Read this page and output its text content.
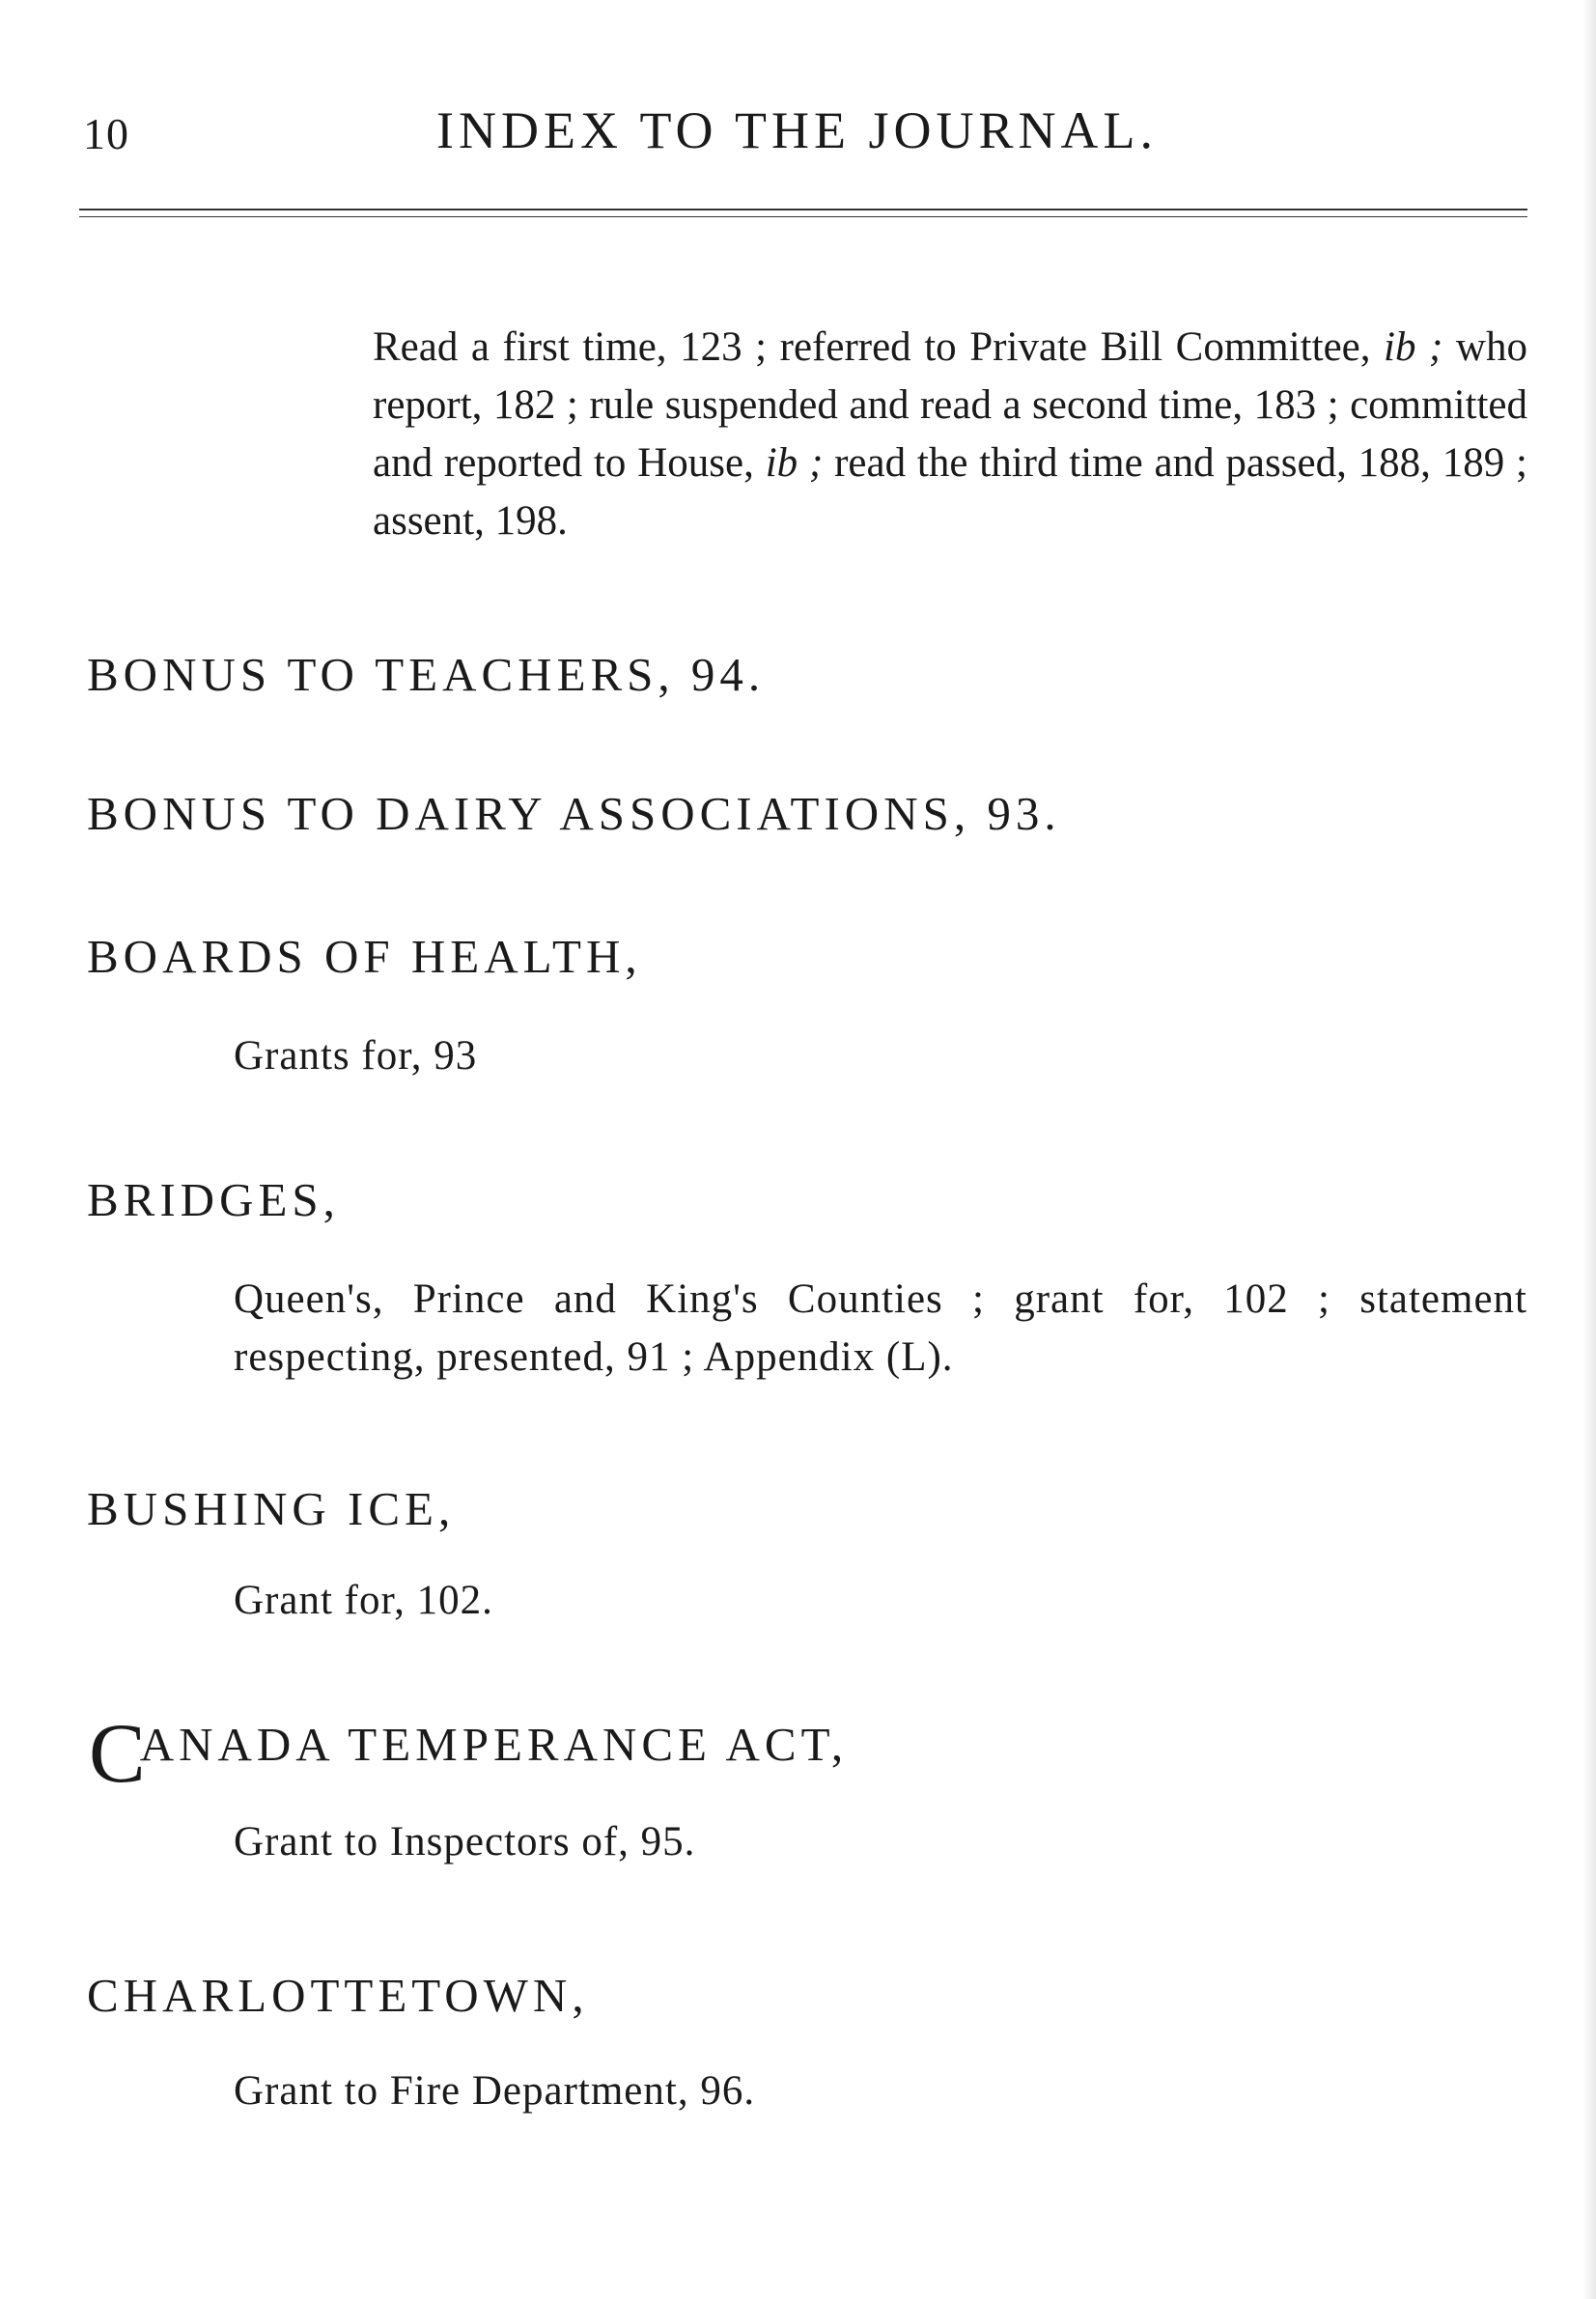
10	INDEX TO THE JOURNAL.
Read a first time, 123 ; referred to Private Bill Committee, ib ; who report, 182 ; rule suspended and read a second time, 183 ; committed and reported to House, ib ; read the third time and passed, 188, 189 ; assent, 198.
BONUS TO TEACHERS, 94.
BONUS TO DAIRY ASSOCIATIONS, 93.
BOARDS OF HEALTH,
Grants for, 93
BRIDGES,
Queen's, Prince and King's Counties ; grant for, 102 ; statement respecting, presented, 91 ; Appendix (L).
BUSHING ICE,
Grant for, 102.
CANADA TEMPERANCE ACT,
Grant to Inspectors of, 95.
CHARLOTTETOWN,
Grant to Fire Department, 96.
